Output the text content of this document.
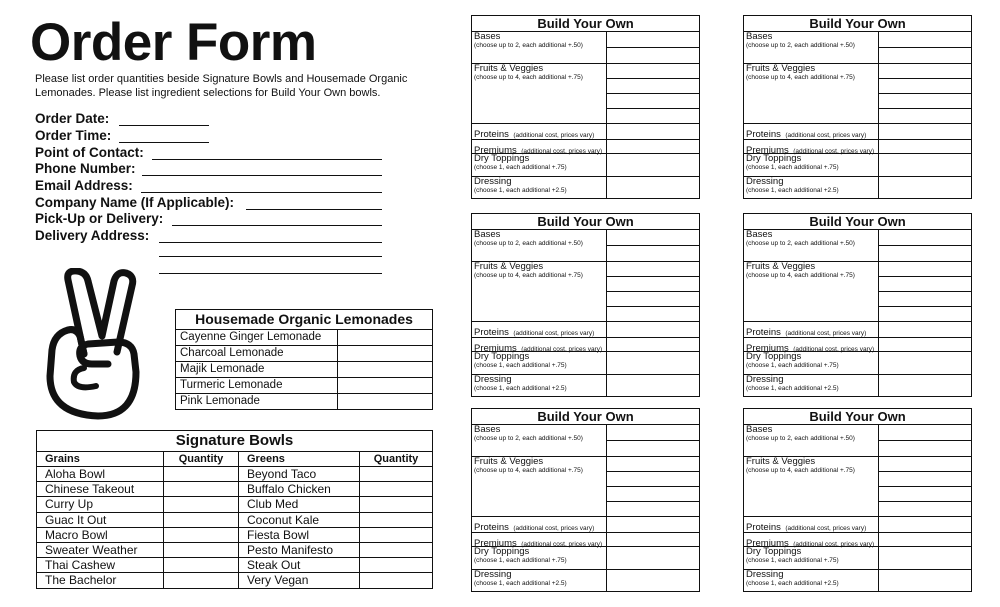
Order Form
Please list order quantities beside Signature Bowls and Housemade Organic Lemonades. Please list ingredient selections for Build Your Own bowls.
Order Date:
Order Time:
Point of Contact:
Phone Number:
Email Address:
Company Name (If Applicable):
Pick-Up or Delivery:
Delivery Address:
Housemade Organic Lemonades	
Cayenne Ginger Lemonade	
Charcoal Lemonade	
Majik Lemonade	
Turmeric Lemonade	
Pink Lemonade	
Signature Bowls			
Grains	Quantity	Greens	Quantity
Aloha Bowl		Beyond Taco	
Chinese Takeout		Buffalo Chicken	
Curry Up		Club Med	
Guac It Out		Coconut Kale	
Macro Bowl		Fiesta Bowl	
Sweater Weather		Pesto Manifesto	
Thai Cashew		Steak Out	
The Bachelor		Very Vegan	
Build Your Own
Bases
(choose up to 2, each additional +.50)
Fruits & Veggies
(choose up to 4, each additional +.75)
Proteins (additional cost, prices vary)
Premiums (additional cost, prices vary)
Dry Toppings
(choose 1, each additional +.75)
Dressing
(choose 1, each additional +2.5)
Build Your Own
Bases
(choose up to 2, each additional +.50)
Fruits & Veggies
(choose up to 4, each additional +.75)
Proteins (additional cost, prices vary)
Premiums (additional cost, prices vary)
Dry Toppings
(choose 1, each additional +.75)
Dressing
(choose 1, each additional +2.5)
Build Your Own
Bases
(choose up to 2, each additional +.50)
Fruits & Veggies
(choose up to 4, each additional +.75)
Proteins (additional cost, prices vary)
Premiums (additional cost, prices vary)
Dry Toppings
(choose 1, each additional +.75)
Dressing
(choose 1, each additional +2.5)
Build Your Own
Bases
(choose up to 2, each additional +.50)
Fruits & Veggies
(choose up to 4, each additional +.75)
Proteins (additional cost, prices vary)
Premiums (additional cost, prices vary)
Dry Toppings
(choose 1, each additional +.75)
Dressing
(choose 1, each additional +2.5)
Build Your Own
Bases
(choose up to 2, each additional +.50)
Fruits & Veggies
(choose up to 4, each additional +.75)
Proteins (additional cost, prices vary)
Premiums (additional cost, prices vary)
Dry Toppings
(choose 1, each additional +.75)
Dressing
(choose 1, each additional +2.5)
Build Your Own
Bases
(choose up to 2, each additional +.50)
Fruits & Veggies
(choose up to 4, each additional +.75)
Proteins (additional cost, prices vary)
Premiums (additional cost, prices vary)
Dry Toppings
(choose 1, each additional +.75)
Dressing
(choose 1, each additional +2.5)
